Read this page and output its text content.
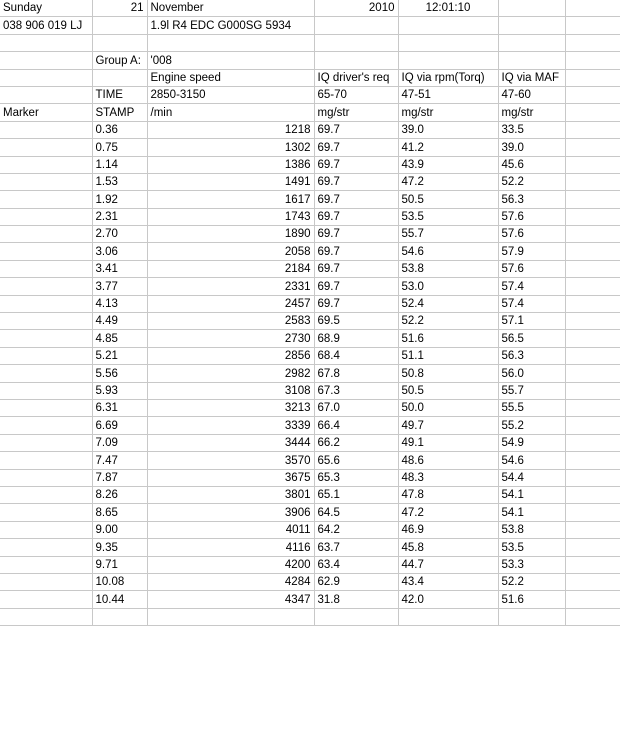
Sunday	21	November	2010	12:01:10		
038 906 019 LJ		1.9l R4 EDC G000SG 5934				

	Group A:	'008				
		Engine speed	IQ driver's req	IQ via rpm(Torq)	IQ via MAF	
	TIME	2850-3150	65-70	47-51	47-60	
Marker	STAMP	/min	mg/str	mg/str	mg/str	
	0.36	1218	69.7	39.0	33.5	
	0.75	1302	69.7	41.2	39.0	
	1.14	1386	69.7	43.9	45.6	
	1.53	1491	69.7	47.2	52.2	
	1.92	1617	69.7	50.5	56.3	
	2.31	1743	69.7	53.5	57.6	
	2.70	1890	69.7	55.7	57.6	
	3.06	2058	69.7	54.6	57.9	
	3.41	2184	69.7	53.8	57.6	
	3.77	2331	69.7	53.0	57.4	
	4.13	2457	69.7	52.4	57.4	
	4.49	2583	69.5	52.2	57.1	
	4.85	2730	68.9	51.6	56.5	
	5.21	2856	68.4	51.1	56.3	
	5.56	2982	67.8	50.8	56.0	
	5.93	3108	67.3	50.5	55.7	
	6.31	3213	67.0	50.0	55.5	
	6.69	3339	66.4	49.7	55.2	
	7.09	3444	66.2	49.1	54.9	
	7.47	3570	65.6	48.6	54.6	
	7.87	3675	65.3	48.3	54.4	
	8.26	3801	65.1	47.8	54.1	
	8.65	3906	64.5	47.2	54.1	
	9.00	4011	64.2	46.9	53.8	
	9.35	4116	63.7	45.8	53.5	
	9.71	4200	63.4	44.7	53.3	
	10.08	4284	62.9	43.4	52.2	
	10.44	4347	31.8	42.0	51.6	
